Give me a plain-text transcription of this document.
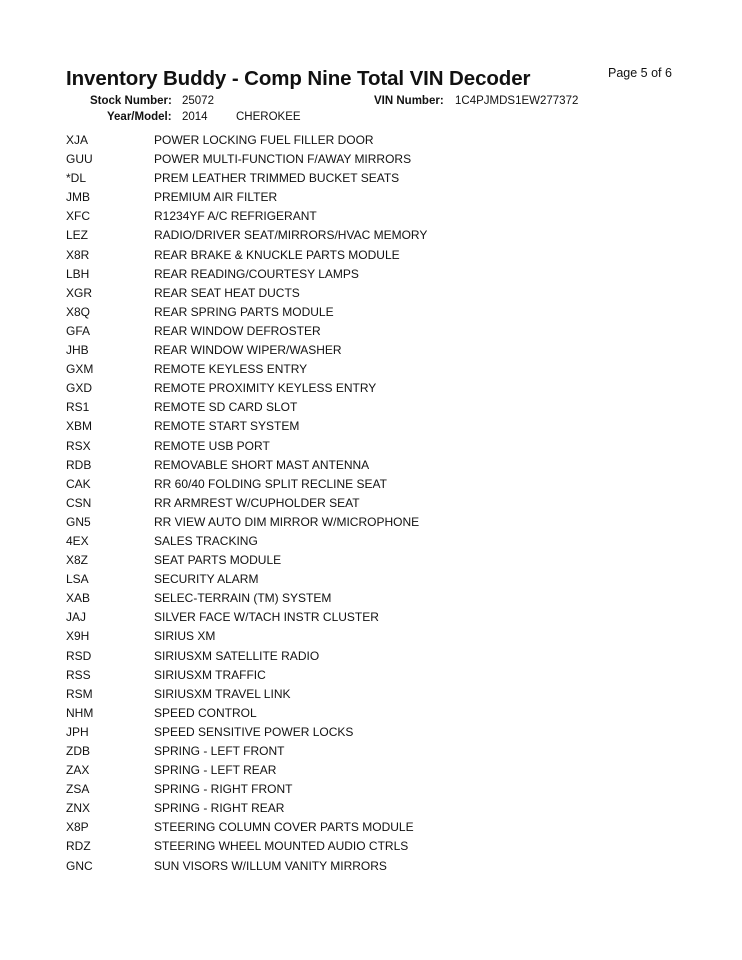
Inventory Buddy - Comp Nine Total VIN Decoder	Page 5 of 6
Stock Number: 25072	VIN Number: 1C4PJMDS1EW277372
Year/Model: 2014 CHEROKEE
XJA	POWER LOCKING FUEL FILLER DOOR
GUU	POWER MULTI-FUNCTION F/AWAY MIRRORS
*DL	PREM LEATHER TRIMMED BUCKET SEATS
JMB	PREMIUM AIR FILTER
XFC	R1234YF A/C REFRIGERANT
LEZ	RADIO/DRIVER SEAT/MIRRORS/HVAC MEMORY
X8R	REAR BRAKE & KNUCKLE PARTS MODULE
LBH	REAR READING/COURTESY LAMPS
XGR	REAR SEAT HEAT DUCTS
X8Q	REAR SPRING PARTS MODULE
GFA	REAR WINDOW DEFROSTER
JHB	REAR WINDOW WIPER/WASHER
GXM	REMOTE KEYLESS ENTRY
GXD	REMOTE PROXIMITY KEYLESS ENTRY
RS1	REMOTE SD CARD SLOT
XBM	REMOTE START SYSTEM
RSX	REMOTE USB PORT
RDB	REMOVABLE SHORT MAST ANTENNA
CAK	RR 60/40 FOLDING SPLIT RECLINE SEAT
CSN	RR ARMREST W/CUPHOLDER SEAT
GN5	RR VIEW AUTO DIM MIRROR W/MICROPHONE
4EX	SALES TRACKING
X8Z	SEAT PARTS MODULE
LSA	SECURITY ALARM
XAB	SELEC-TERRAIN (TM) SYSTEM
JAJ	SILVER FACE W/TACH INSTR CLUSTER
X9H	SIRIUS XM
RSD	SIRIUSXM SATELLITE RADIO
RSS	SIRIUSXM TRAFFIC
RSM	SIRIUSXM TRAVEL LINK
NHM	SPEED CONTROL
JPH	SPEED SENSITIVE POWER LOCKS
ZDB	SPRING - LEFT FRONT
ZAX	SPRING - LEFT REAR
ZSA	SPRING - RIGHT FRONT
ZNX	SPRING - RIGHT REAR
X8P	STEERING COLUMN COVER PARTS MODULE
RDZ	STEERING WHEEL MOUNTED AUDIO CTRLS
GNC	SUN VISORS W/ILLUM VANITY MIRRORS
